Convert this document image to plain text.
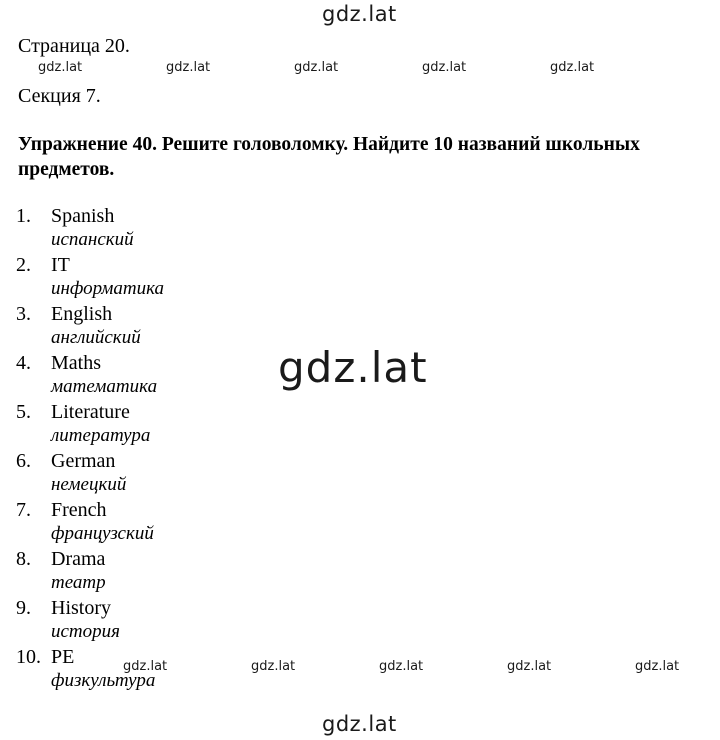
gdz.lat
Страница 20.
gdz.lat	gdz.lat	gdz.lat	gdz.lat	gdz.lat
Секция 7.
Упражнение 40. Решите головоломку. Найдите 10 названий школьных предметов.
1. Spanish
испанский
2. IT
информатика
3. English
английский
4. Maths
математика
5. Literature
литература
6. German
немецкий
7. French
французский
8. Drama
театр
9. History
история
10. PE
физкультура
gdz.lat
gdz.lat	gdz.lat	gdz.lat	gdz.lat	gdz.lat
gdz.lat
